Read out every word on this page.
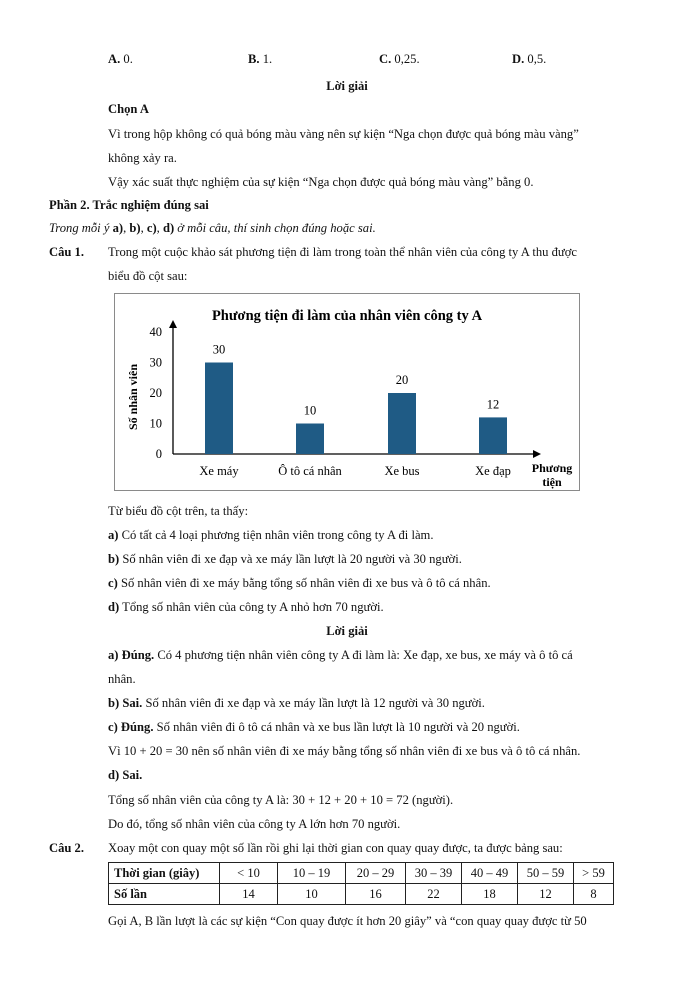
A. 0.	B. 1.	C. 0,25.	D. 0,5.
Lời giải
Chọn A
Vì trong hộp không có quả bóng màu vàng nên sự kiện “Nga chọn được quả bóng màu vàng”
không xảy ra.
Vậy xác suất thực nghiệm của sự kiện “Nga chọn được quả bóng màu vàng” bằng 0.
Phần 2. Trắc nghiệm đúng sai
Trong mỗi ý a), b), c), d) ở mỗi câu, thí sinh chọn đúng hoặc sai.
Câu 1. Trong một cuộc khảo sát phương tiện đi làm trong toàn thể nhân viên của công ty A thu được
biểu đồ cột sau:
Phương tiện đi làm của nhân viên công ty A
0
10
20
30
40
Số nhân viên
30
Xe máy
10
Ô tô cá nhân
20
Xe bus
12
Xe đạp Phương
tiện
Từ biểu đồ cột trên, ta thấy:
a) Có tất cả 4 loại phương tiện nhân viên trong công ty A đi làm.
b) Số nhân viên đi xe đạp và xe máy lần lượt là 20 người và 30 người.
c) Số nhân viên đi xe máy bằng tổng số nhân viên đi xe bus và ô tô cá nhân.
d) Tổng số nhân viên của công ty A nhỏ hơn 70 người.
Lời giải
a) Đúng. Có 4 phương tiện nhân viên công ty A đi làm là: Xe đạp, xe bus, xe máy và ô tô cá
nhân.
b) Sai. Số nhân viên đi xe đạp và xe máy lần lượt là 12 người và 30 người.
c) Đúng. Số nhân viên đi ô tô cá nhân và xe bus lần lượt là 10 người và 20 người.
Vì 10 + 20 = 30 nên số nhân viên đi xe máy bằng tổng số nhân viên đi xe bus và ô tô cá nhân.
d) Sai.
Tổng số nhân viên của công ty A là: 30 + 12 + 20 + 10 = 72 (người).
Do đó, tổng số nhân viên của công ty A lớn hơn 70 người.
Câu 2. Xoay một con quay một số lần rồi ghi lại thời gian con quay quay được, ta được bảng sau:
Thời gian (giây)	< 10	10 – 19	20 – 29	30 – 39	40 – 49	50 – 59	> 59
Số lần	14	10	16	22	18	12	8
Gọi A, B lần lượt là các sự kiện “Con quay được ít hơn 20 giây” và “con quay quay được từ 50
